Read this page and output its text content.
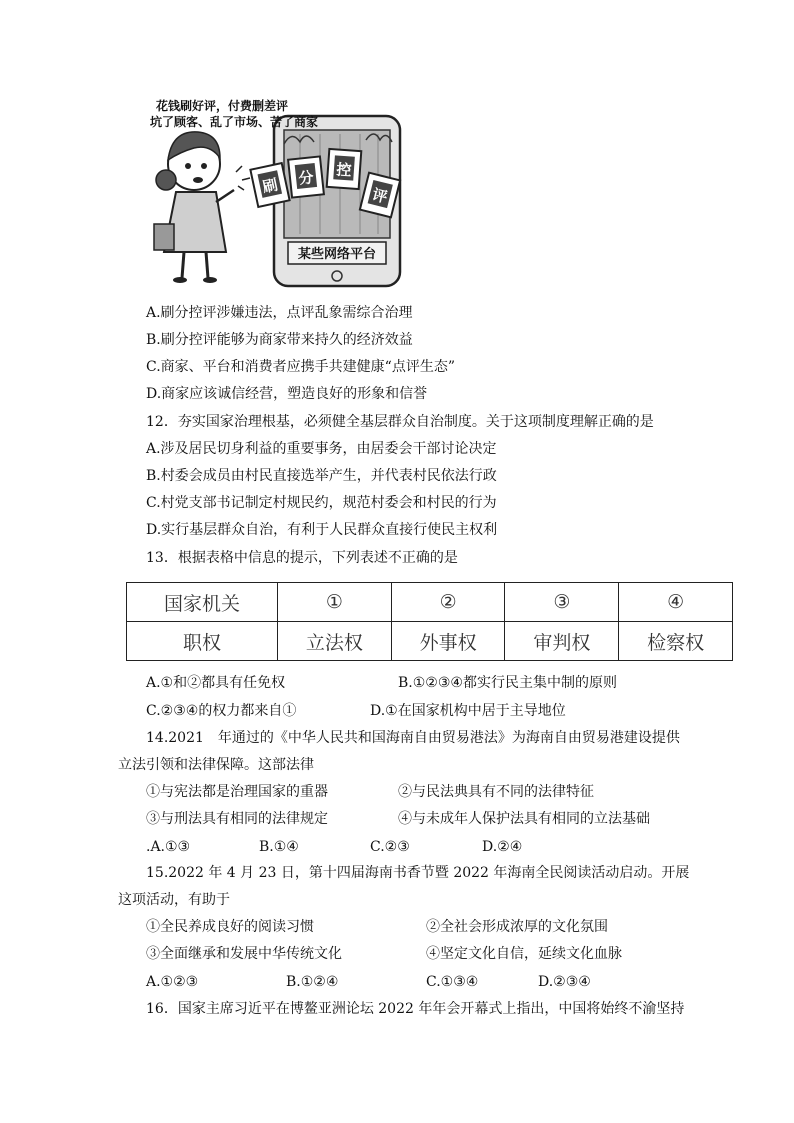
某些网络平台
刷 分 控
评
花钱刷好评，付费删差评
坑了顾客、乱了市场、苦了商家
A.刷分控评涉嫌违法，点评乱象需综合治理
B.刷分控评能够为商家带来持久的经济效益
C.商家、平台和消费者应携手共建健康“点评生态”
D.商家应该诚信经营，塑造良好的形象和信誉
12．夯实国家治理根基，必须健全基层群众自治制度。关于这项制度理解正确的是
A.涉及居民切身利益的重要事务，由居委会干部讨论决定
B.村委会成员由村民直接选举产生，并代表村民依法行政
C.村党支部书记制定村规民约，规范村委会和村民的行为
D.实行基层群众自治，有利于人民群众直接行使民主权利
13．根据表格中信息的提示，下列表述不正确的是
国家机关	①	②	③	④
职权	立法权	外事权	审判权	检察权
A.①和②都具有任免权	B.①②③④都实行民主集中制的原则
C.②③④的权力都来自①	D.①在国家机构中居于主导地位
14.2021　年通过的《中华人民共和国海南自由贸易港法》为海南自由贸易港建设提供
立法引领和法律保障。这部法律
①与宪法都是治理国家的重器	②与民法典具有不同的法律特征
③与刑法具有相同的法律规定	④与未成年人保护法具有相同的立法基础
.A.①③	B.①④	C.②③	D.②④
15.2022 年 4 月 23 日，第十四届海南书香节暨 2022 年海南全民阅读活动启动。开展
这项活动，有助于
①全民养成良好的阅读习惯	②全社会形成浓厚的文化氛围
③全面继承和发展中华传统文化	④坚定文化自信，延续文化血脉
A.①②③	B.①②④	C.①③④	D.②③④
16．国家主席习近平在博鳌亚洲论坛 2022 年年会开幕式上指出，中国将始终不渝坚持
